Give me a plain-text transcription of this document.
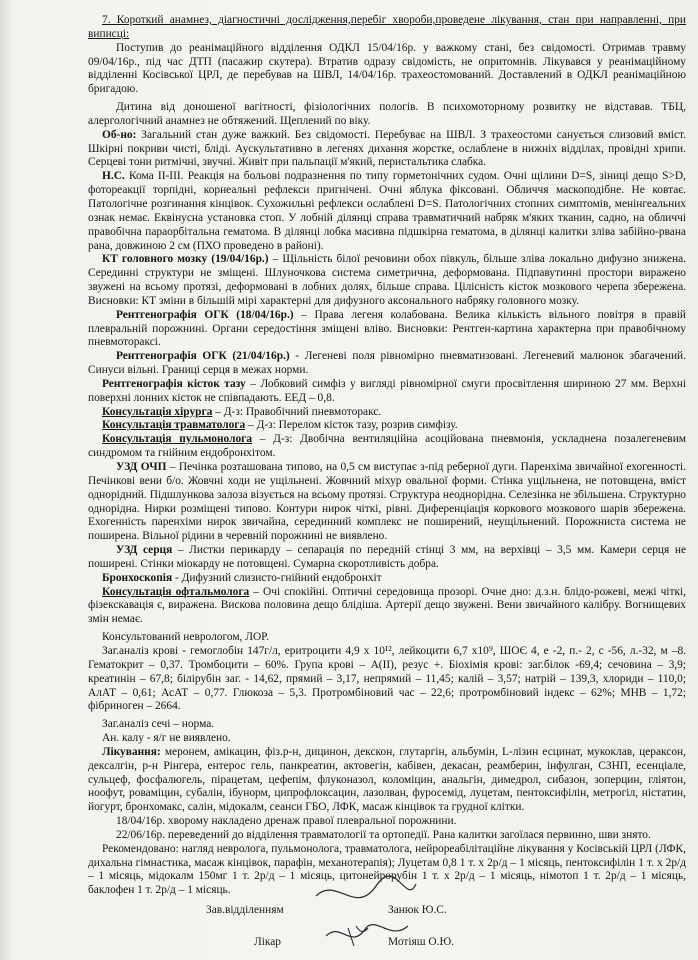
7. Короткий анамнез, діагностичні дослідження,перебіг хвороби,проведене лікування, стан при направленні, при виписці:

Поступив до реанімаційного відділення ОДКЛ 15/04/16р. у важкому стані, без свідомості. Отримав травму 09/04/16р., під час ДТП (пасажир скутера). Втратив одразу свідомість, не опритомнів. Лікувався у реанімаційному відділенні Косівської ЦРЛ, де перебував на ШВЛ, 14/04/16р. трахеостомований. Доставлений в ОДКЛ реанімаційною бригадою.

Дитина від доношеної вагітності, фізіологічних пологів. В психомоторному розвитку не відставав. ТБЦ, алергологічний анамнез не обтяжений. Щеплений по віку.

Об-но: Загальний стан дуже важкий. Без свідомості. Перебуває на ШВЛ. З трахеостоми санується слизовий вміст. Шкірні покриви чисті, бліді. Аускультативно в легенях дихання жорстке, ослаблене в нижніх відділах, провідні хрипи. Серцеві тони ритмічні, звучні. Живіт при пальпації м'який, перистальтика слабка.

Н.С. Кома II-III. Реакція на больові подразнення по типу горметонічних судом. Очні щілини D=S, зіниці дещо S>D, фотореакції торпідні, корнеальні рефлекси пригнічені. Очні яблука фіксовані. Обличчя маскоподібне. Не ковтає. Патологічне розгинання кінцівок. Сухожильні рефлекси ослаблені D=S. Патологічних стопних симптомів, менінгеальних ознак немає. Еквінусна установка стоп. У лобній ділянці справа травматичний набряк м'яких тканин, садно, на обличчі правобічна параорбітальна гематома. В ділянці лобка масивна підшкірна гематома, в ділянці калитки зліва забійно-рвана рана, довжиною 2 см (ПХО проведено в районі).

КТ головного мозку (19/04/16р.) – Щільність білої речовини обох півкуль, більше зліва локально дифузно знижена. Серединні структури не зміщені. Шлуночкова система симетрична, деформована. Підпавутинні простори виражено звужені на всьому протязі, деформовані в лобних долях, більше справа. Цілісність кісток мозкового черепа збережена. Висновки: КТ зміни в більшій мірі характерні для дифузного аксонального набряку головного мозку.

Рентгенографія ОГК (18/04/16р.) – Права легеня колабована. Велика кількість вільного повітря в правій плевральній порожнині. Органи середостіння зміщені вліво. Висновки: Рентген-картина характерна при правобічному пневмотораксі.

Рентгенографія ОГК (21/04/16р.) - Легеневі поля рівномірно пневматизовані. Легеневий малюнок збагачений. Синуси вільні. Границі серця в межах норми.

Рентгенографія кісток тазу – Лобковий симфіз у вигляді рівномірної смуги просвітлення шириною 27 мм. Верхні поверхні лонних кісток не співпадають. ЕЕД – 0,8.

Консультація хірурга – Д-з: Правобічний пневмоторакс.

Консультація травматолога – Д-з: Перелом кісток тазу, розрив симфізу.

Консультація пульмонолога – Д-з: Двобічна вентиляційна асоційована пневмонія, ускладнена позалегеневим синдромом та гнійним ендобронхітом.

УЗД ОЧП – Печінка розташована типово, на 0,5 см виступає з-під реберної дуги. Паренхіма звичайної ехогенності. Печінкові вени б/о. Жовчні ходи не ущільнені. Жовчний міхур овальної форми. Стінка ущільнена, не потовщена, вміст однорідний. Підшлункова залоза візується на всьому протязі. Структура неоднорідна. Селезінка не збільшена. Структурно однорідна. Нирки розміщені типово. Контури нирок чіткі, рівні. Диференціація коркового мозкового шарів збережена. Ехогенність паренхіми нирок звичайна, серединний комплекс не поширений, неущільнений. Порожниста система не поширена. Вільної рідини в черевній порожнині не виявлено.

УЗД серця – Листки перикарду – сепарація по передній стінці 3 мм, на верхівці – 3,5 мм. Камери серця не поширені. Стінки міокарду не потовщені. Сумарна скоротливість добра.

Бронхоскопія - Дифузний слизисто-гнійний ендобронхіт

Консультація офтальмолога – Очі спокійні. Оптичні середовища прозорі. Очне дно: д.з.н. блідо-рожеві, межі чіткі, фізекскавація є, виражена. Вискова половина дещо блідіша. Артерії дещо звужені. Вени звичайного калібру. Вогнищевих змін немає.

Консультований неврологом, ЛОР.

Заг.аналіз крові - гемоглобін 147г/л, еритроцити 4,9 х 10¹², лейкоцити 6,7 х10⁹, ШОЄ 4, е -2, п.- 2, с -56, л.-32, м –8. Гематокрит – 0,37. Тромбоцити – 60%. Група крові – А(II), резус +. Біохімія крові: заг.білок -69,4; сечовина – 3,9; креатинін – 67,8; білірубін заг. - 14,62, прямий – 3,17, непрямий – 11,45; калій – 3,57; натрій – 139,3, хлориди – 110,0; АлАТ – 0,61; АсАТ – 0,77. Глюкоза – 5,3. Протромбіновий час – 22,6; протромбіновий індекс – 62%; МНВ – 1,72; фібриноген – 2664.

Заг.аналіз сечі – норма.

Ан. калу - я/г не виявлено.

Лікування: меронем, амікацин, фіз.р-н, дицинон, декскон, глутаргін, альбумін, L-лізин есцинат, мукоклав, цераксон, дексалгін, р-н Рінгера, ентерос гель, панкреатин, актовегін, кабівен, декасан, реамберин, інфулган, СЗНП, есенціале, сульцеф, фосфалюгель, пірацетам, цефепім, флуконазол, коломіцин, анальгін, димедрол, сибазон, зоперцин, гліятон, ноофут, ровамiцин, субалін, ібунорм, ципрофлоксацин, лазолван, фуросемід, луцетам, пентоксифілін, метрогіл, ністатин, йогурт, бронхомакс, салін, мідокалм, сеанси ГБО, ЛФК, масаж кінцівок та грудної клітки.

18/04/16р. хворому накладено дренаж правої плевральної порожнини.

22/06/16р. переведений до відділення травматології та ортопедії. Рана калитки загоїлася первинно, шви знято.

Рекомендовано: нагляд невролога, пульмонолога, травматолога, нейрореабілітаційне лікування у Косівській ЦРЛ (ЛФК, дихальна гімнастика, масаж кінцівок, парафін, механотерапія); Луцетам 0,8 1 т. х 2р/д – 1 місяць, пентоксифілін 1 т. х 2р/д – 1 місяць, мідокалм 150мг 1 т. 2р/д – 1 місяць, цитонейрорубін 1 т. х 2р/д – 1 місяць, німотоп 1 т. 2р/д – 1 місяць, баклофен 1 т. 2р/д – 1 місяць.

Зав.відділенням	Занюк Ю.С.
Лікар	Мотіяш О.Ю.
